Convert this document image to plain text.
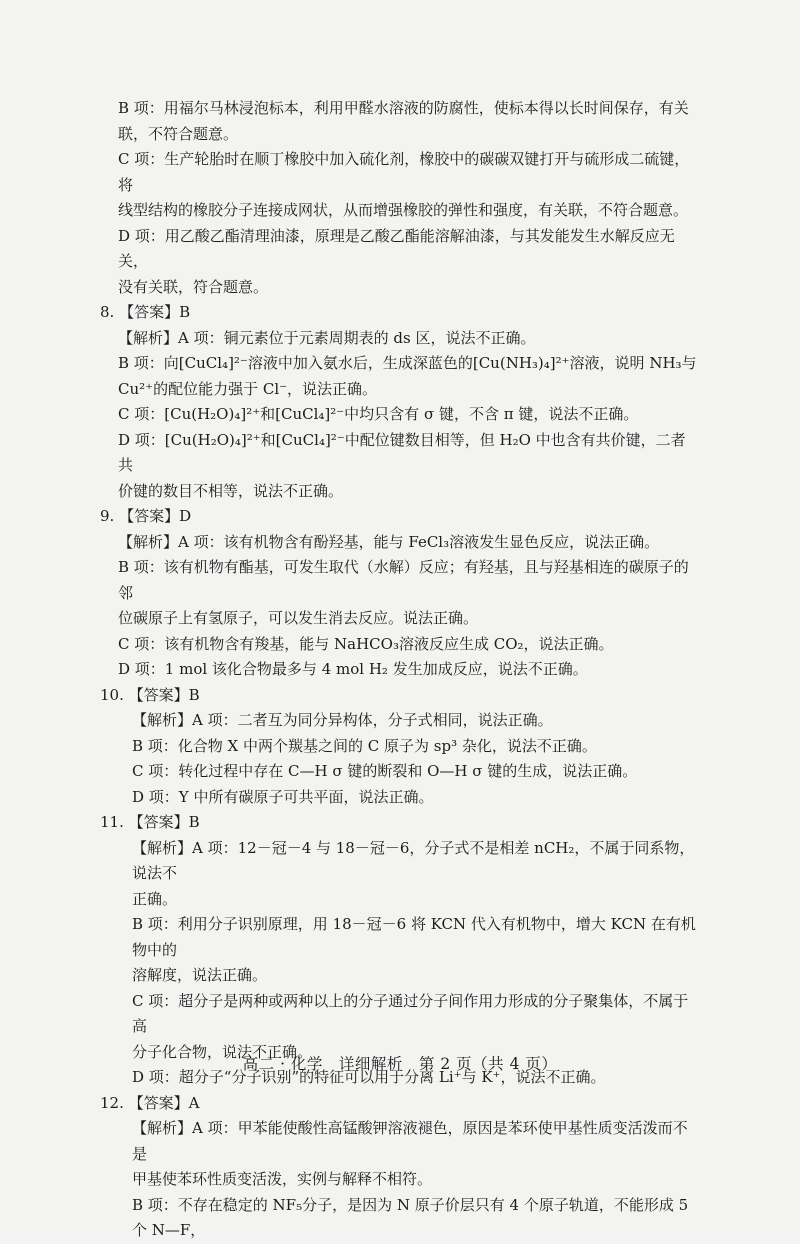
B 项：用福尔马林浸泡标本，利用甲醛水溶液的防腐性，使标本得以长时间保存，有关

联，不符合题意。

C 项：生产轮胎时在顺丁橡胶中加入硫化剂，橡胶中的碳碳双键打开与硫形成二硫键，将

线型结构的橡胶分子连接成网状，从而增强橡胶的弹性和强度，有关联，不符合题意。

D 项：用乙酸乙酯清理油漆，原理是乙酸乙酯能溶解油漆，与其发能发生水解反应无关，

没有关联，符合题意。

8. 【答案】B

【解析】A 项：铜元素位于元素周期表的 ds 区，说法不正确。

B 项：向[CuCl₄]²⁻溶液中加入氨水后，生成深蓝色的[Cu(NH₃)₄]²⁺溶液，说明 NH₃与

Cu²⁺的配位能力强于 Cl⁻，说法正确。

C 项：[Cu(H₂O)₄]²⁺和[CuCl₄]²⁻中均只含有 σ 键，不含 π 键，说法不正确。

D 项：[Cu(H₂O)₄]²⁺和[CuCl₄]²⁻中配位键数目相等，但 H₂O 中也含有共价键，二者共

价键的数目不相等，说法不正确。

9. 【答案】D

【解析】A 项：该有机物含有酚羟基，能与 FeCl₃溶液发生显色反应，说法正确。

B 项：该有机物有酯基，可发生取代（水解）反应；有羟基，且与羟基相连的碳原子的邻

位碳原子上有氢原子，可以发生消去反应。说法正确。

C 项：该有机物含有羧基，能与 NaHCO₃溶液反应生成 CO₂，说法正确。

D 项：1 mol 该化合物最多与 4 mol H₂ 发生加成反应，说法不正确。

10. 【答案】B

【解析】A 项：二者互为同分异构体，分子式相同，说法正确。

B 项：化合物 X 中两个羰基之间的 C 原子为 sp³ 杂化，说法不正确。

C 项：转化过程中存在 C—H σ 键的断裂和 O—H σ 键的生成，说法正确。

D 项：Y 中所有碳原子可共平面，说法正确。

11. 【答案】B

【解析】A 项：12－冠－4 与 18－冠－6，分子式不是相差 nCH₂，不属于同系物，说法不

正确。

B 项：利用分子识别原理，用 18－冠－6 将 KCN 代入有机物中，增大 KCN 在有机物中的

溶解度，说法正确。

C 项：超分子是两种或两种以上的分子通过分子间作用力形成的分子聚集体，不属于高

分子化合物，说法不正确。

D 项：超分子“分子识别”的特征可以用于分离 Li⁺与 K⁺，说法不正确。

12. 【答案】A

【解析】A 项：甲苯能使酸性高锰酸钾溶液褪色，原因是苯环使甲基性质变活泼而不是

甲基使苯环性质变活泼，实例与解释不相符。

B 项：不存在稳定的 NF₅分子，是因为 N 原子价层只有 4 个原子轨道，不能形成 5 个 N—F，

高二 · 化学　详细解析　第 2 页（共 4 页）
